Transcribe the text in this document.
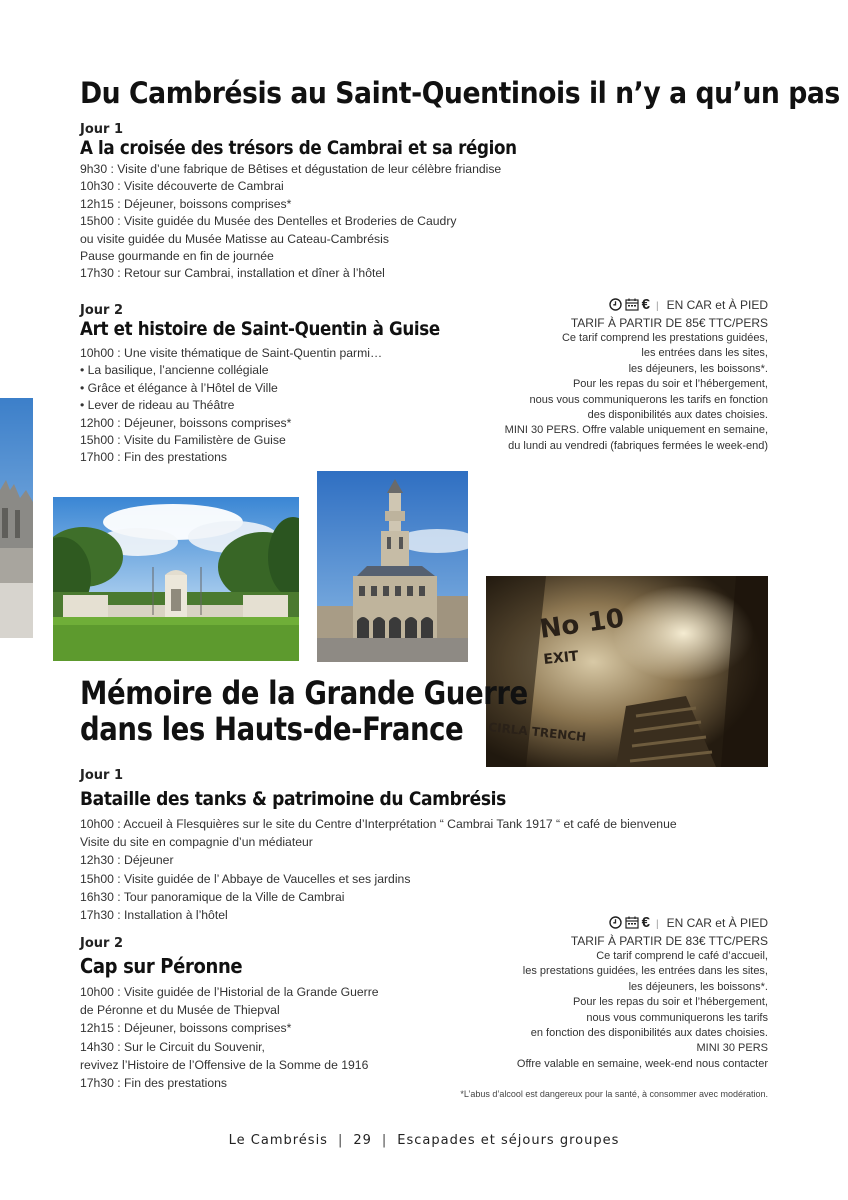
Du Cambrésis au Saint-Quentinois il n’y a qu’un pas
Jour 1
A la croisée des trésors de Cambrai et sa région
9h30 : Visite d’une fabrique de Bêtises et dégustation de leur célèbre friandise
10h30 : Visite découverte de Cambrai
12h15 : Déjeuner, boissons comprises*
15h00 : Visite guidée du Musée des Dentelles et Broderies de Caudry
ou visite guidée du Musée Matisse au Cateau-Cambrésis
Pause gourmande en fin de journée
17h30 : Retour sur Cambrai, installation et dîner à l’hôtel
Jour 2
Art et histoire de Saint-Quentin à Guise
10h00 : Une visite thématique de Saint-Quentin parmi…
• La basilique, l’ancienne collégiale
• Grâce et élégance à l’Hôtel de Ville
• Lever de rideau au Théâtre
12h00 : Déjeuner, boissons comprises*
15h00 : Visite du Familistère de Guise
17h00 : Fin des prestations
€ | EN CAR et À PIED
TARIF À PARTIR DE 85€ TTC/PERS
Ce tarif comprend les prestations guidées,
les entrées dans les sites,
les déjeuners, les boissons*.
Pour les repas du soir et l’hébergement,
nous vous communiquerons les tarifs en fonction
des disponibilités aux dates choisies.
MINI 30 PERS. Offre valable uniquement en semaine,
du lundi au vendredi (fabriques fermées le week-end)
No 10
EXIT
CIRLA TRENCH
Mémoire de la Grande Guerre
dans les Hauts-de-France
Jour 1
Bataille des tanks & patrimoine du Cambrésis
10h00 : Accueil à Flesquières sur le site du Centre d’Interprétation “ Cambrai Tank 1917 “ et café de bienvenue
Visite du site en compagnie d’un médiateur
12h30 : Déjeuner
15h00 : Visite guidée de l’ Abbaye de Vaucelles et ses jardins
16h30 : Tour panoramique de la Ville de Cambrai
17h30 : Installation à l’hôtel
Jour 2
Cap sur Péronne
10h00 : Visite guidée de l’Historial de la Grande Guerre
de Péronne et du Musée de Thiepval
12h15 : Déjeuner, boissons comprises*
14h30 : Sur le Circuit du Souvenir,
revivez l’Histoire de l’Offensive de la Somme de 1916
17h30 : Fin des prestations
€ | EN CAR et À PIED
TARIF À PARTIR DE 83€ TTC/PERS
Ce tarif comprend le café d’accueil,
les prestations guidées, les entrées dans les sites,
les déjeuners, les boissons*.
Pour les repas du soir et l’hébergement,
nous vous communiquerons les tarifs
en fonction des disponibilités aux dates choisies.
MINI 30 PERS
Offre valable en semaine, week-end nous contacter
*L’abus d’alcool est dangereux pour la santé, à consommer avec modération.
Le Cambrésis | 29 | Escapades et séjours groupes
